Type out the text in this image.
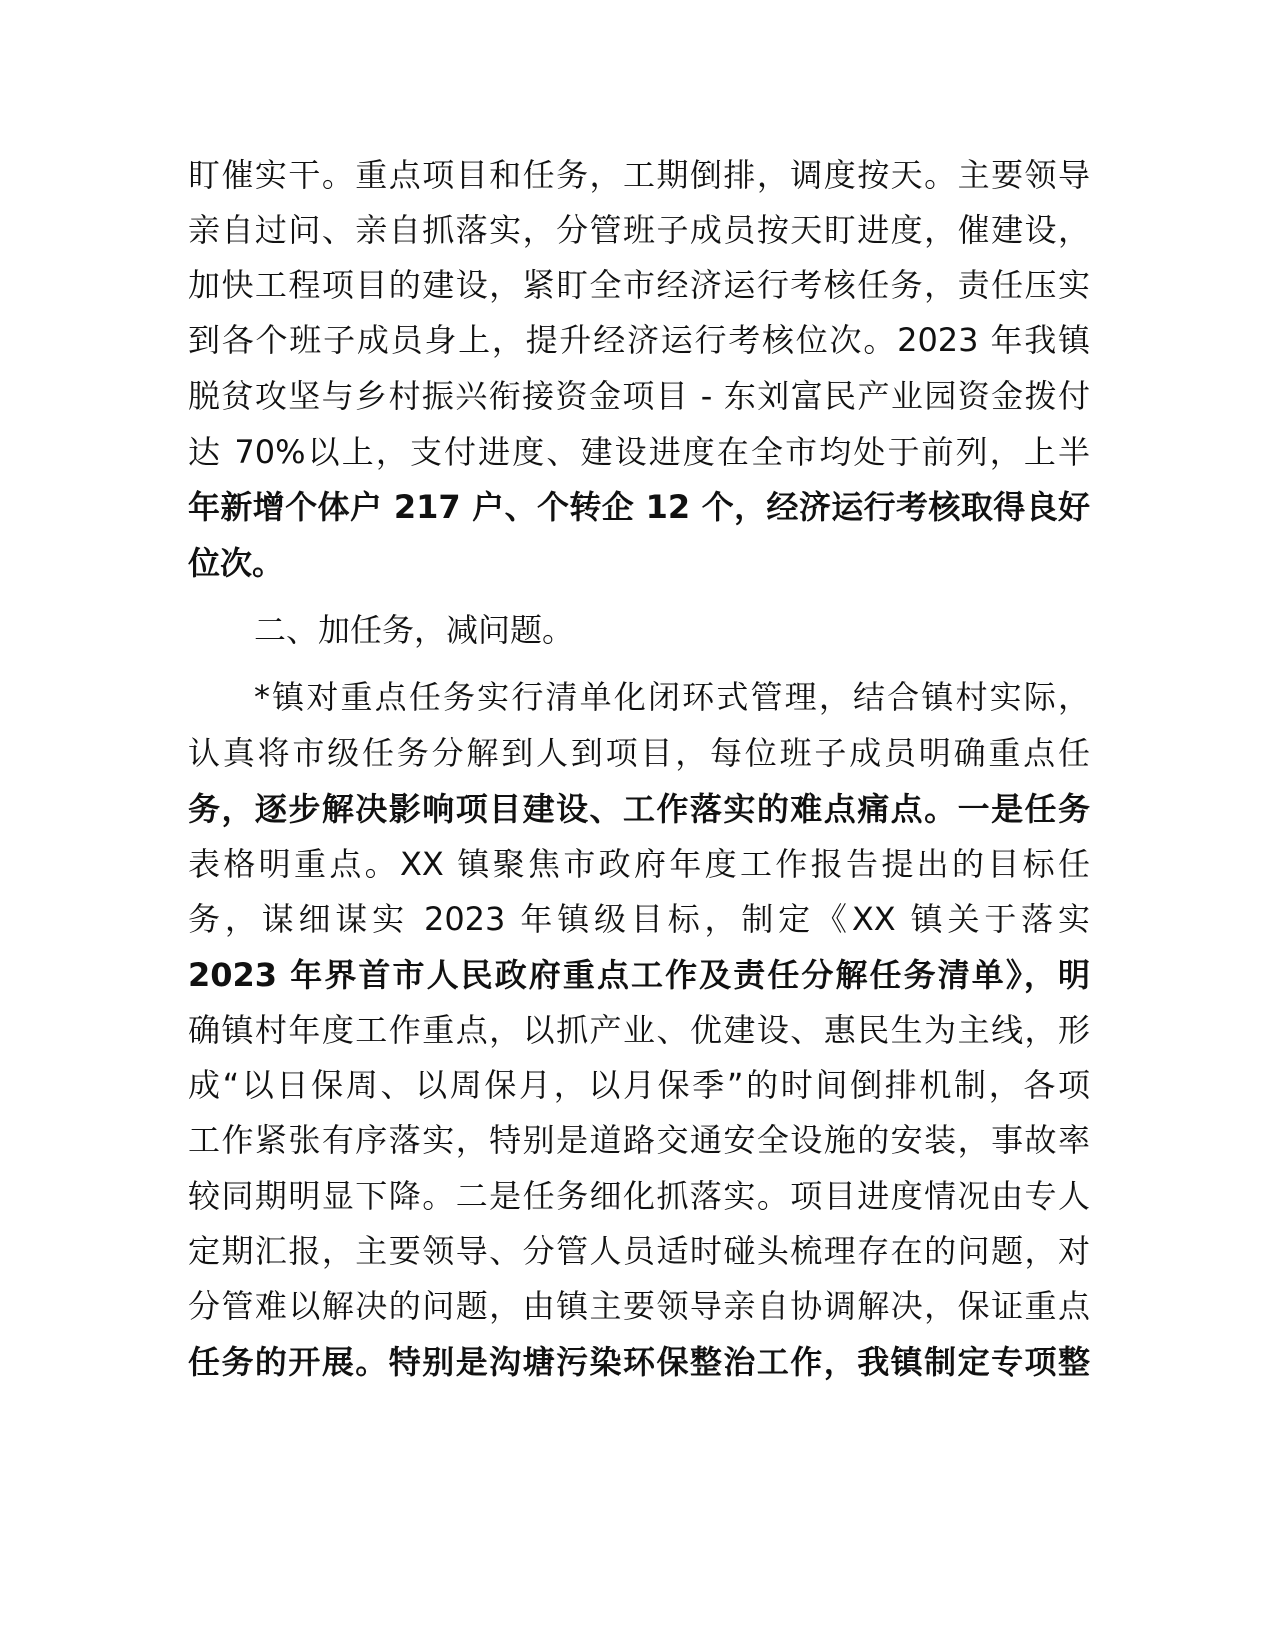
盯催实干。重点项目和任务，工期倒排，调度按天。主要领导
亲自过问、亲自抓落实，分管班子成员按天盯进度，催建设，
加快工程项目的建设，紧盯全市经济运行考核任务，责任压实
到各个班子成员身上，提升经济运行考核位次。2023 年我镇
脱贫攻坚与乡村振兴衔接资金项目 - 东刘富民产业园资金拨付
达 70%以上，支付进度、建设进度在全市均处于前列，上半
年新增个体户 217 户、个转企 12 个，经济运行考核取得良好
位次。
二、加任务，减问题。
*镇对重点任务实行清单化闭环式管理，结合镇村实际，
认真将市级任务分解到人到项目，每位班子成员明确重点任
务，逐步解决影响项目建设、工作落实的难点痛点。一是任务
表格明重点。XX 镇聚焦市政府年度工作报告提出的目标任
务，谋细谋实 2023 年镇级目标，制定《XX 镇关于落实
2023 年界首市人民政府重点工作及责任分解任务清单》，明
确镇村年度工作重点，以抓产业、优建设、惠民生为主线，形
成“以日保周、以周保月，以月保季”的时间倒排机制，各项
工作紧张有序落实，特别是道路交通安全设施的安装，事故率
较同期明显下降。二是任务细化抓落实。项目进度情况由专人
定期汇报，主要领导、分管人员适时碰头梳理存在的问题，对
分管难以解决的问题，由镇主要领导亲自协调解决，保证重点
任务的开展。特别是沟塘污染环保整治工作，我镇制定专项整
